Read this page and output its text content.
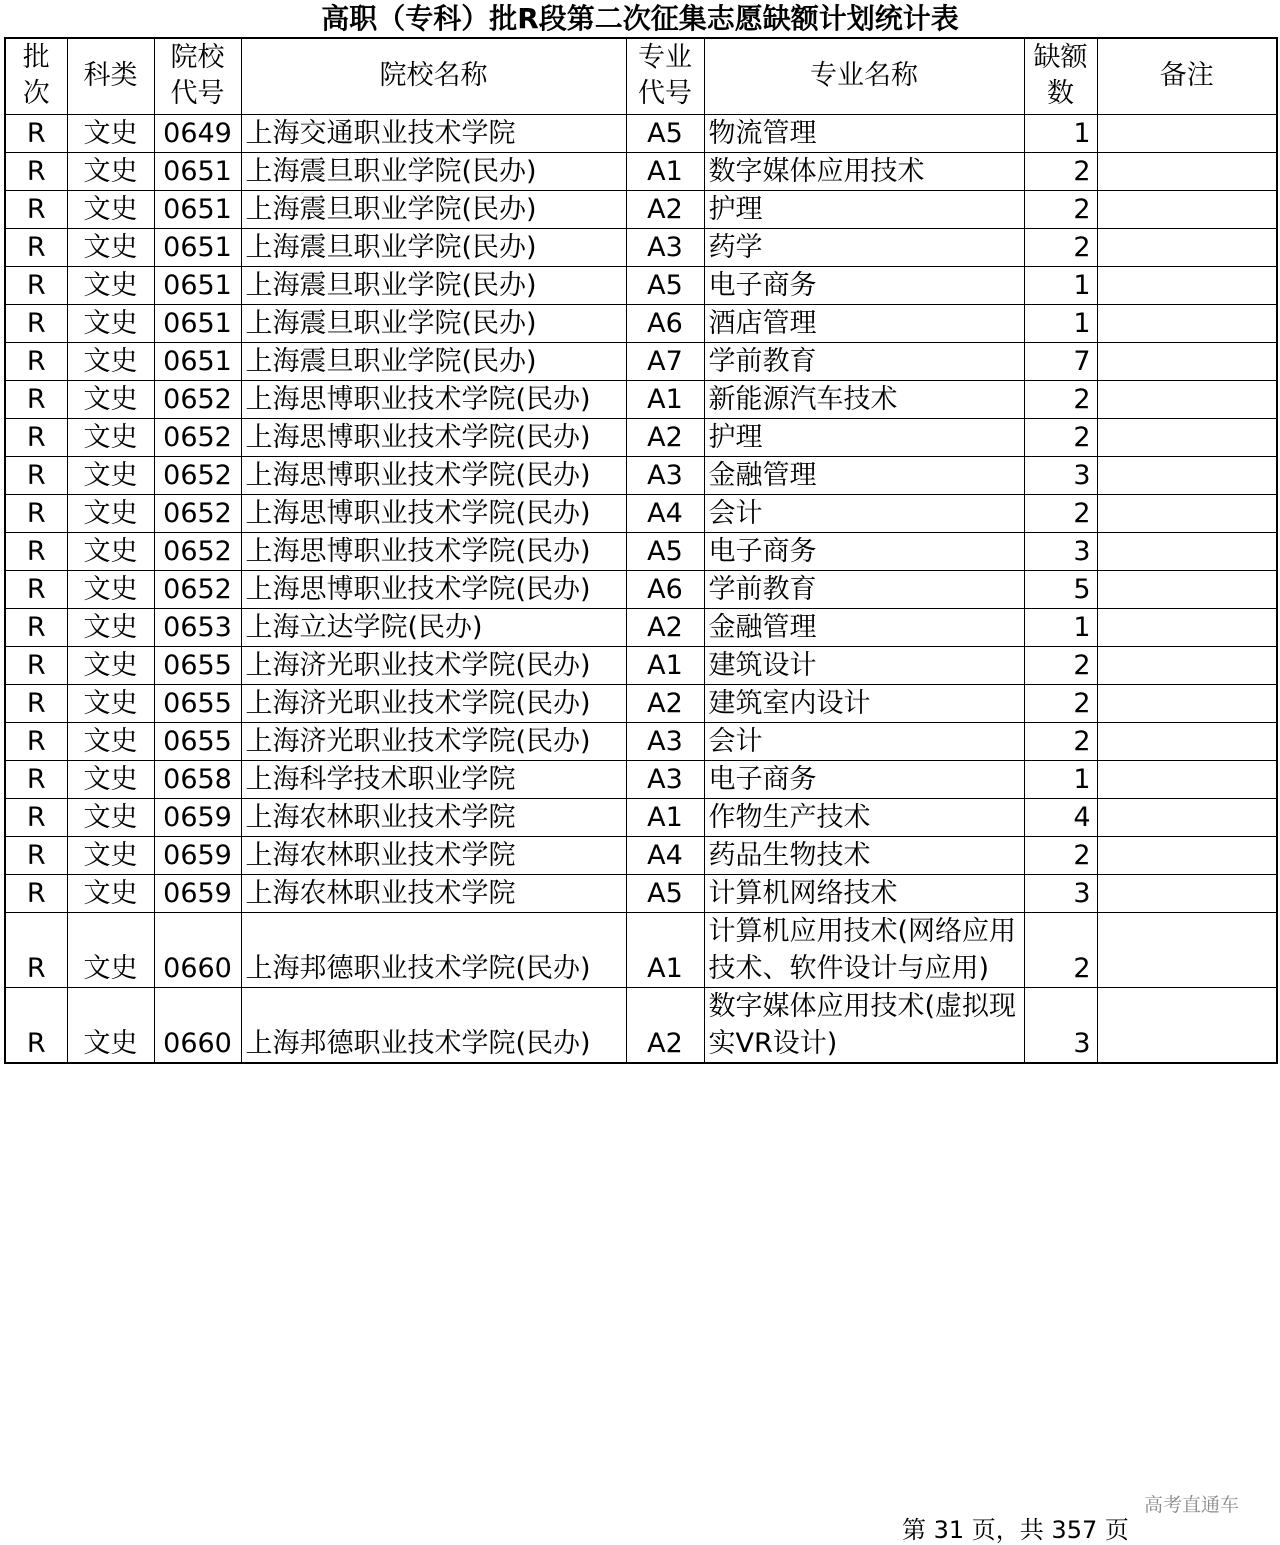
高职（专科）批R段第二次征集志愿缺额计划统计表
批次	科类	院校代号	院校名称	专业代号	专业名称	缺额数	备注
R	文史	0649	上海交通职业技术学院	A5	物流管理	1	
R	文史	0651	上海震旦职业学院(民办)	A1	数字媒体应用技术	2	
R	文史	0651	上海震旦职业学院(民办)	A2	护理	2	
R	文史	0651	上海震旦职业学院(民办)	A3	药学	2	
R	文史	0651	上海震旦职业学院(民办)	A5	电子商务	1	
R	文史	0651	上海震旦职业学院(民办)	A6	酒店管理	1	
R	文史	0651	上海震旦职业学院(民办)	A7	学前教育	7	
R	文史	0652	上海思博职业技术学院(民办)	A1	新能源汽车技术	2	
R	文史	0652	上海思博职业技术学院(民办)	A2	护理	2	
R	文史	0652	上海思博职业技术学院(民办)	A3	金融管理	3	
R	文史	0652	上海思博职业技术学院(民办)	A4	会计	2	
R	文史	0652	上海思博职业技术学院(民办)	A5	电子商务	3	
R	文史	0652	上海思博职业技术学院(民办)	A6	学前教育	5	
R	文史	0653	上海立达学院(民办)	A2	金融管理	1	
R	文史	0655	上海济光职业技术学院(民办)	A1	建筑设计	2	
R	文史	0655	上海济光职业技术学院(民办)	A2	建筑室内设计	2	
R	文史	0655	上海济光职业技术学院(民办)	A3	会计	2	
R	文史	0658	上海科学技术职业学院	A3	电子商务	1	
R	文史	0659	上海农林职业技术学院	A1	作物生产技术	4	
R	文史	0659	上海农林职业技术学院	A4	药品生物技术	2	
R	文史	0659	上海农林职业技术学院	A5	计算机网络技术	3	
R	文史	0660	上海邦德职业技术学院(民办)	A1	计算机应用技术(网络应用技术、软件设计与应用)	2	
R	文史	0660	上海邦德职业技术学院(民办)	A2	数字媒体应用技术(虚拟现实VR设计)	3	
高考直通车
第 31 页，共 357 页
